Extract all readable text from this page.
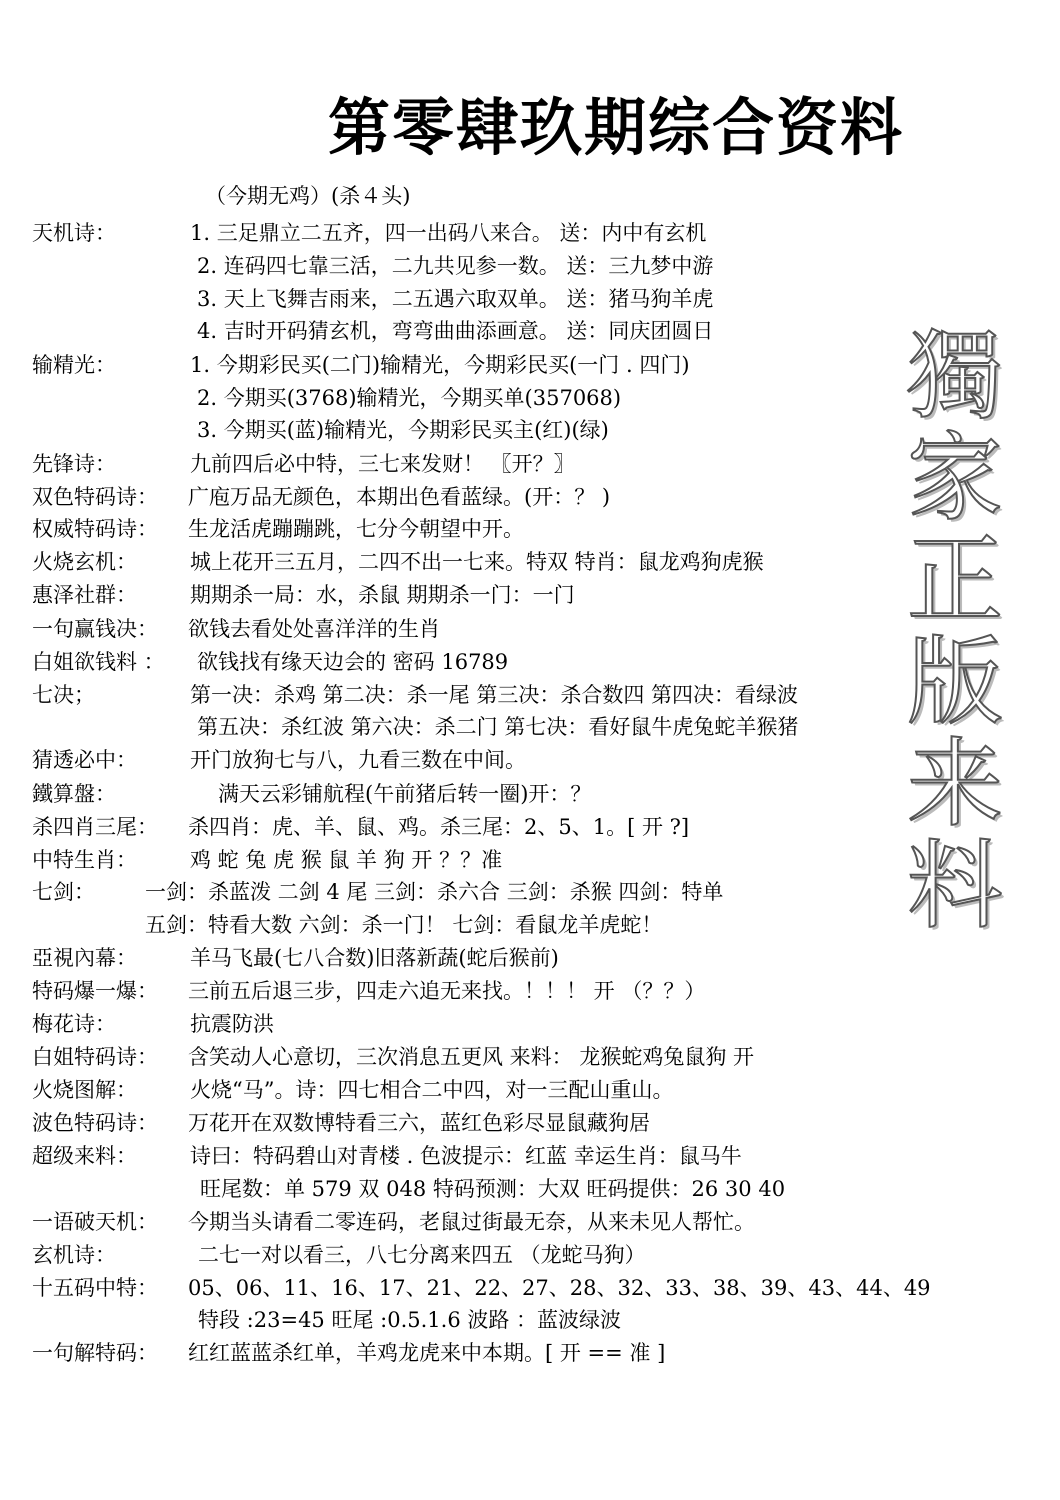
第零肆玖期综合资料
獨
家
正
版
来
料
（今期无鸡）(杀４头)
天机诗：	1. 三足鼎立二五齐，四一出码八来合。 送：内中有玄机
2. 连码四七靠三活，二九共见参一数。 送：三九梦中游
3. 天上飞舞吉雨来，二五遇六取双单。 送：猪马狗羊虎
4. 吉时开码猜玄机，弯弯曲曲添画意。 送：同庆团圆日
输精光：	1. 今期彩民买(二门)输精光，今期彩民买(一门 . 四门)
2. 今期买(3768)输精光，今期买单(357068)
3. 今期买(蓝)输精光，今期彩民买主(红)(绿)
先锋诗：	九前四后必中特，三七来发财！ 〖开？〗
双色特码诗： 广庖万品无颜色，本期出色看蓝绿。(开：？ )
权威特码诗： 生龙活虎蹦蹦跳，七分今朝望中开。
火烧玄机：	城上花开三五月，二四不出一七来。特双 特肖：鼠龙鸡狗虎猴
惠泽社群：	期期杀一局：水，杀鼠 期期杀一门：一门
一句赢钱决： 欲钱去看处处喜洋洋的生肖
白姐欲钱料 ： 欲钱找有缘天边会的 密码 16789
七决；	第一决：杀鸡 第二决：杀一尾 第三决：杀合数四 第四决：看绿波
第五决：杀红波 第六决：杀二门 第七决：看好鼠牛虎兔蛇羊猴猪
猜透必中：	开门放狗七与八，九看三数在中间。
鐵算盤：	满天云彩铺航程(午前猪后转一圈)开：？
杀四肖三尾： 杀四肖：虎、羊、鼠、鸡。杀三尾：2、5、1。[ 开 ?]
中特生肖：	鸡 蛇 兔 虎 猴 鼠 羊 狗 开 ？？准
七剑： 一剑：杀蓝泼 二剑 4 尾 三剑：杀六合 三剑：杀猴 四剑：特单
五剑：特看大数 六剑：杀一门！ 七剑：看鼠龙羊虎蛇！
亞視內幕：	羊马飞最(七八合数)旧落新蔬(蛇后猴前)
特码爆一爆： 三前五后退三步，四走六追无来找。！！！ 开 （？？）
梅花诗：	抗震防洪
白姐特码诗： 含笑动人心意切，三次消息五更风 来料： 龙猴蛇鸡兔鼠狗 开
火烧图解：	火烧“马”。诗：四七相合二中四，对一三配山重山。
波色特码诗： 万花开在双数博特看三六，蓝红色彩尽显鼠藏狗居
超级来料：	诗曰：特码碧山对青楼 . 色波提示：红蓝 幸运生肖：鼠马牛
旺尾数：单 579 双 048 特码预测：大双 旺码提供：26 30 40
一语破天机： 今期当头请看二零连码，老鼠过街最无奈，从来未见人帮忙。
玄机诗：	二七一对以看三，八七分离来四五 （龙蛇马狗）
十五码中特： 05、06、11、16、17、21、22、27、28、32、33、38、39、43、44、49
特段 :23=45 旺尾 :0.5.1.6 波路 ：蓝波绿波
一句解特码： 红红蓝蓝杀红单，羊鸡龙虎来中本期。[ 开 == 准 ]
